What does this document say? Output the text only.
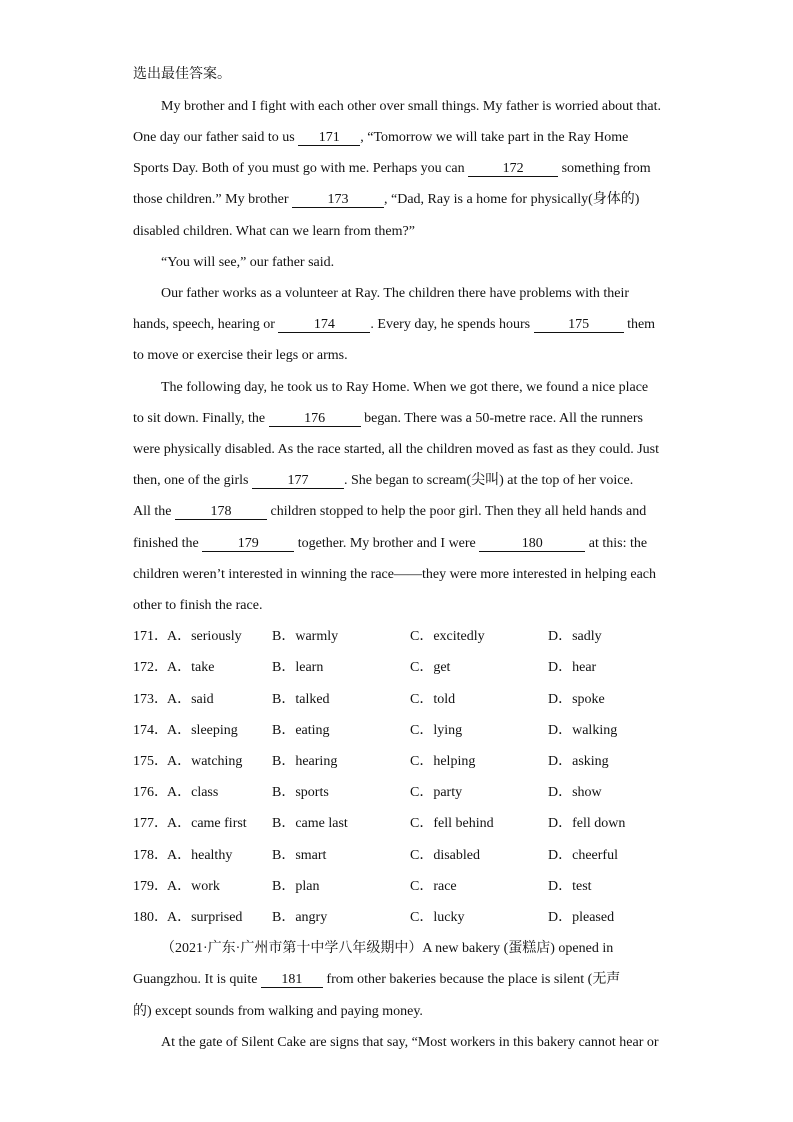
选出最佳答案。
My brother and I fight with each other over small things. My father is worried about that.
One day our father said to us 171 , “Tomorrow we will take part in the Ray Home
Sports Day. Both of you must go with me. Perhaps you can 172 something from
those children.” My brother	173	, “Dad, Ray is a home for physically(身体的)
disabled children. What can we learn from them?”
“You will see,” our father said.
Our father works as a volunteer at Ray. The children there have problems with their
hands, speech, hearing or	174	. Every day, he spends hours 175 them
to move or exercise their legs or arms.
The following day, he took us to Ray Home. When we got there, we found a nice place
to sit down. Finally, the	176	began. There was a 50-metre race. All the runners
were physically disabled. As the race started, all the children moved as fast as they could. Just
then, one of the girls	177	. She began to scream(尖叫) at the top of her voice.
All the	178	children stopped to help the poor girl. Then they all held hands and
finished the	179	together. My brother and I were	180	at this: the
children weren’t interested in winning the race——they were more interested in helping each
other to finish the race.
171． A．seriously B．warmly	C．excitedly	D．sadly
172． A．take	B．learn	C．get	D．hear
173． A．said	B．talked	C．told	D．spoke
174． A．sleeping B．eating	C．lying	D．walking
175． A．watching B．hearing	C．helping	D．asking
176． A．class	B．sports	C．party	D．show
177． A．came first B．came last	C．fell behind	D．fell down
178． A．healthy	B．smart	C．disabled	D．cheerful
179． A．work	B．plan	C．race	D．test
180． A．surprised B．angry	C．lucky	D．pleased
（2021·广东·广州市第十中学八年级期中）A new bakery (蛋糕店) opened in
Guangzhou. It is quite 181 from other bakeries because the place is silent (无声
的) except sounds from walking and paying money.
At the gate of Silent Cake are signs that say, “Most workers in this bakery cannot hear or
